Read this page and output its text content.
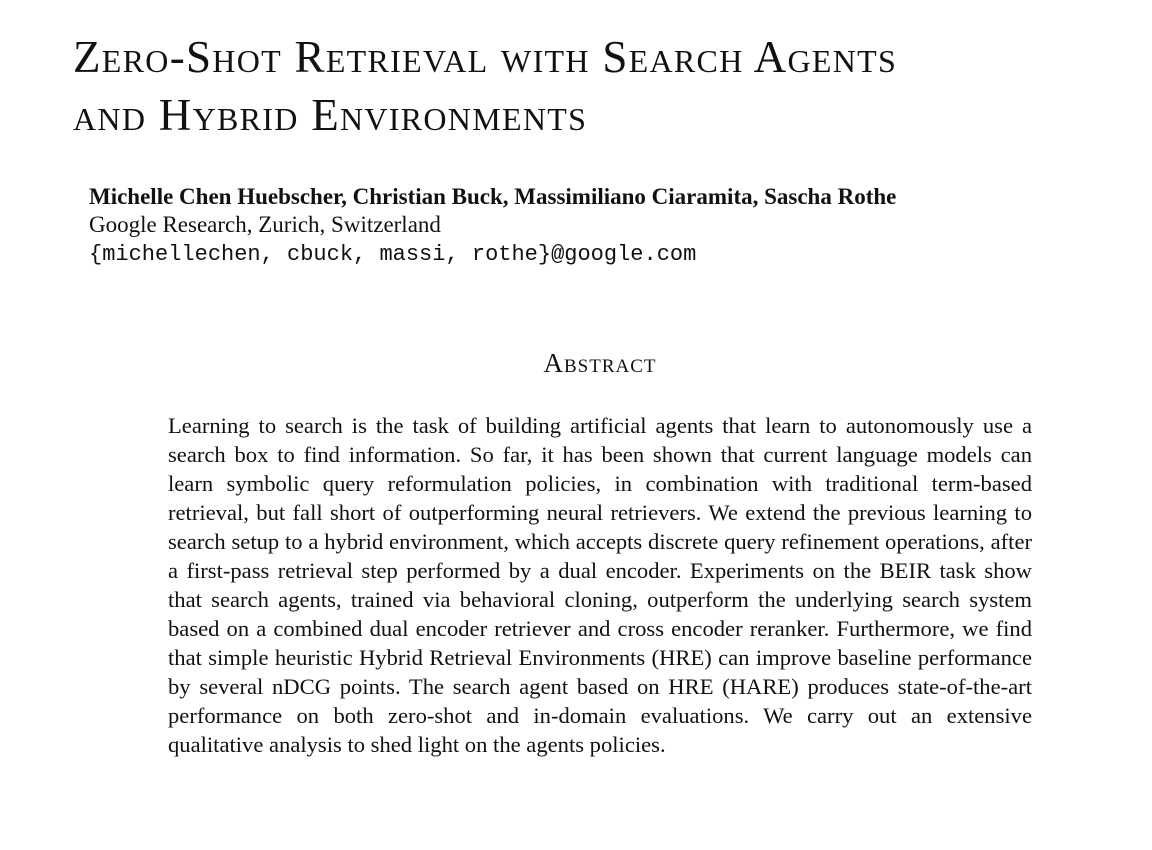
Zero-Shot Retrieval with Search Agents
and Hybrid Environments
Michelle Chen Huebscher, Christian Buck, Massimiliano Ciaramita, Sascha Rothe
Google Research, Zurich, Switzerland
{michellechen, cbuck, massi, rothe}@google.com
Abstract

Learning to search is the task of building artificial agents that learn to autonomously use a search box to find information. So far, it has been shown that current language models can learn symbolic query reformulation policies, in combination with traditional term-based retrieval, but fall short of outperforming neural retrievers. We extend the previous learning to search setup to a hybrid environment, which accepts discrete query refinement operations, after a first-pass retrieval step performed by a dual encoder. Experiments on the BEIR task show that search agents, trained via behavioral cloning, outperform the underlying search system based on a combined dual encoder retriever and cross encoder reranker. Furthermore, we find that simple heuristic Hybrid Retrieval Environments (HRE) can improve baseline performance by several nDCG points. The search agent based on HRE (HARE) produces state-of-the-art performance on both zero-shot and in-domain evaluations. We carry out an extensive qualitative analysis to shed light on the agents policies.
